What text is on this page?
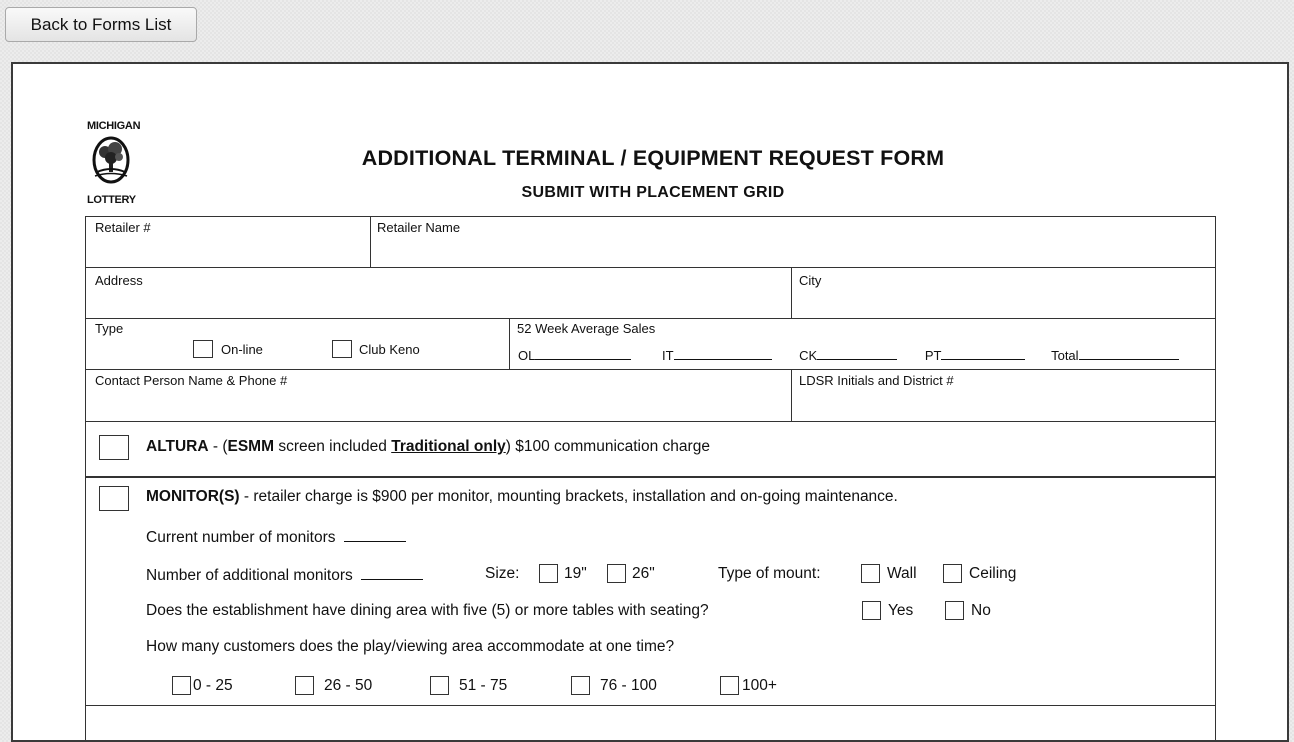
Back to Forms List
MICHIGAN
LOTTERY
ADDITIONAL TERMINAL / EQUIPMENT REQUEST FORM
SUBMIT WITH PLACEMENT GRID
Retailer #	Retailer Name
Address	City
Type
On-line	Club Keno
52 Week Average Sales
OL	IT	CK	PT	Total
Contact Person Name & Phone #	LDSR Initials and District #
ALTURA - (ESMM screen included Traditional only) $100 communication charge
MONITOR(S) - retailer charge is $900 per monitor, mounting brackets, installation and on-going maintenance.
Current number of monitors
Number of additional monitors	Size:	19"	26"	Type of mount:	Wall	Ceiling
Does the establishment have dining area with five (5) or more tables with seating?	Yes	No
How many customers does the play/viewing area accommodate at one time?
0 - 25	26 - 50	51 - 75	76 - 100	100+
